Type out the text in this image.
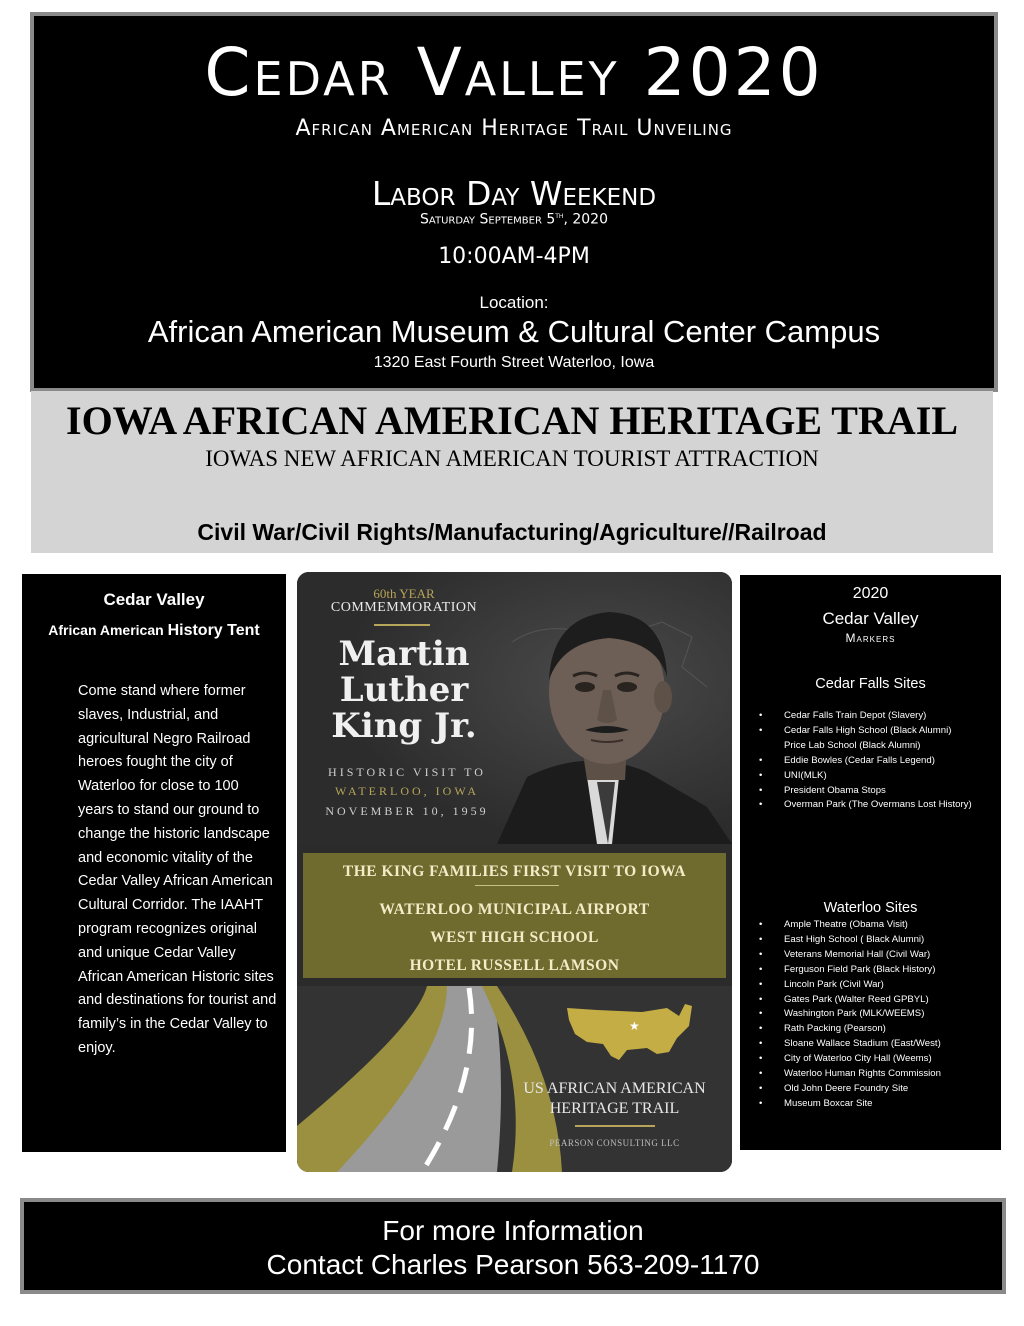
Cedar Valley 2020
African American Heritage Trail Unveiling
Labor Day Weekend
Saturday September 5th, 2020
10:00AM-4PM
Location:
African American Museum & Cultural Center Campus
1320 East Fourth Street Waterloo, Iowa
IOWA AFRICAN AMERICAN HERITAGE TRAIL
IOWAS NEW AFRICAN AMERICAN TOURIST ATTRACTION
Civil War/Civil Rights/Manufacturing/Agriculture//Railroad
Cedar Valley
African American History Tent
Come stand where former slaves, Industrial, and agricultural Negro Railroad heroes fought the city of Waterloo for close to 100 years to stand our ground to change the historic landscape and economic vitality of the Cedar Valley African American Cultural Corridor. The IAAHT program recognizes original and unique Cedar Valley African American Historic sites and destinations for tourist and family’s in the Cedar Valley to enjoy.
60th YEAR
COMMEMMORATION
Martin
Luther
King Jr.
HISTORIC VISIT TO
WATERLOO, IOWA
NOVEMBER 10, 1959
THE KING FAMILIES FIRST VISIT TO IOWA
WATERLOO MUNICIPAL AIRPORT
WEST HIGH SCHOOL
HOTEL RUSSELL LAMSON
★
US AFRICAN AMERICAN
HERITAGE TRAIL
PEARSON CONSULTING LLC
2020
Cedar Valley
Markers
Cedar Falls Sites
• Cedar Falls Train Depot (Slavery)
• Cedar Falls High School (Black Alumni)
Price Lab School (Black Alumni)
• Eddie Bowles (Cedar Falls Legend)
• UNI(MLK)
• President Obama Stops
• Overman Park (The Overmans Lost History)
Waterloo Sites
• Ample Theatre (Obama Visit)
• East High School ( Black Alumni)
• Veterans Memorial Hall (Civil War)
• Ferguson Field Park (Black History)
• Lincoln Park (Civil War)
• Gates Park (Walter Reed GPBYL)
• Washington Park (MLK/WEEMS)
• Rath Packing (Pearson)
• Sloane Wallace Stadium (East/West)
• City of Waterloo City Hall (Weems)
• Waterloo Human Rights Commission
• Old John Deere Foundry Site
• Museum Boxcar Site
For more Information
Contact Charles Pearson 563-209-1170
